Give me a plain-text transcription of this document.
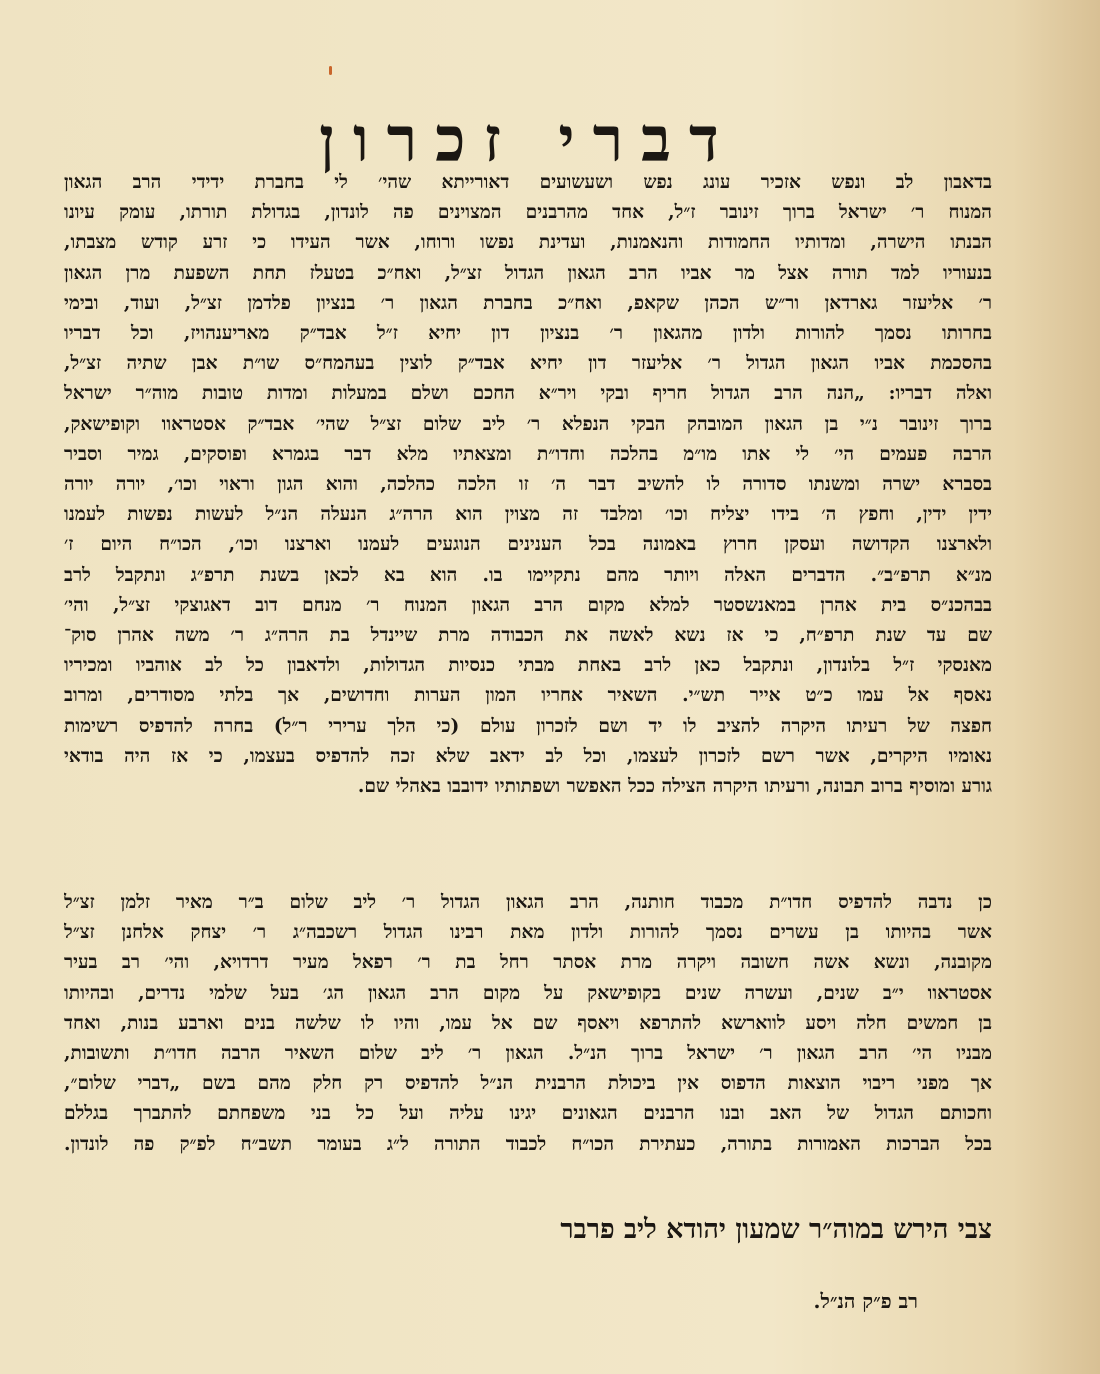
דברי זכרון

בדאבון לב ונפש אזכיר עונג נפש ושעשועים דאורייתא שהי׳ לי בחברת ידידי הרב הגאון
המנוח ר׳ ישראל ברוך זינובר ז״ל, אחד מהרבנים המצוינים פה לונדון, בגדולת תורתו, עומק עיונו
הבנתו הישרה, ומדותיו החמודות והנאמנות, ועדינת נפשו ורוחו, אשר העידו כי זרע קודש מצבתו,
בנעוריו למד תורה אצל מר אביו הרב הגאון הגדול זצ״ל, ואח״כ בטעלז תחת השפעת מרן הגאון
ר׳ אליעזר גארדאן ור״ש הכהן שקאפ, ואח״כ בחברת הגאון ר׳ בנציון פלדמן זצ״ל, ועוד, ובימי
בחרותו נסמך להורות ולדון מהגאון ר׳ בנציון דון יחיא ז״ל אבד״ק מאריענהויז, וכל דבריו
בהסכמת אביו הגאון הגדול ר׳ אליעזר דון יחיא אבד״ק לוצין בעהמח״ס שו״ת אבן שתיה זצ״ל,
ואלה דבריו: „הנה הרב הגדול חריף ובקי ויר״א החכם ושלם במעלות ומדות טובות מוה״ר ישראל
ברוך זינובר נ״י בן הגאון המובהק הבקי הנפלא ר׳ ליב שלום זצ״ל שהי׳ אבד״ק אסטראוו וקופישאק,
הרבה פעמים הי׳ לי אתו מו״מ בהלכה וחדו״ת ומצאתיו מלא דבר בגמרא ופוסקים, גמיר וסביר
בסברא ישרה ומשנתו סדורה לו להשיב דבר ה׳ זו הלכה כהלכה, והוא הגון וראוי וכו׳, יורה יורה
ידין ידין, וחפץ ה׳ בידו יצליח וכו׳ ומלבד זה מצוין הוא הרה״ג הנעלה הנ״ל לעשות נפשות לעמנו
ולארצנו הקדושה ועסקן חרוץ באמונה בכל הענינים הנוגעים לעמנו וארצנו וכו׳, הכו״ח היום ז׳
מנ״א תרפ״ב״. הדברים האלה ויותר מהם נתקיימו בו. הוא בא לכאן בשנת תרפ״ג ונתקבל לרב
בבהכנ״ס בית אהרן במאנשסטר למלא מקום הרב הגאון המנוח ר׳ מנחם דוב דאגוצקי זצ״ל, והי׳
שם עד שנת תרפ״ח, כי אז נשא לאשה את הכבודה מרת שיינדל בת הרה״ג ר׳ משה אהרן סוק־
מאנסקי ז״ל בלונדון, ונתקבל כאן לרב באחת מבתי כנסיות הגדולות, ולדאבון כל לב אוהביו ומכיריו
נאסף אל עמו כ״ט אייר תש״י. השאיר אחריו המון הערות וחדושים, אך בלתי מסודרים, ומרוב
חפצה של רעיתו היקרה להציב לו יד ושם לזכרון עולם (כי הלך ערירי ר״ל) בחרה להדפיס רשימות
נאומיו היקרים, אשר רשם לזכרון לעצמו, וכל לב ידאב שלא זכה להדפיס בעצמו, כי אז היה בודאי
גורע ומוסיף ברוב תבונה, ורעיתו היקרה הצילה ככל האפשר ושפתותיו ידובבו באהלי שם.

כן נדבה להדפיס חדו״ת מכבוד חותנה, הרב הגאון הגדול ר׳ ליב שלום ב״ר מאיר זלמן זצ״ל
אשר בהיותו בן עשרים נסמך להורות ולדון מאת רבינו הגדול רשכבה״ג ר׳ יצחק אלחנן זצ״ל
מקובנה, ונשא אשה חשובה ויקרה מרת אסתר רחל בת ר׳ רפאל מעיר דרדויא, והי׳ רב בעיר
אסטראוו י״ב שנים, ועשרה שנים בקופישאק על מקום הרב הגאון הג׳ בעל שלמי נדרים, ובהיותו
בן חמשים חלה ויסע לווארשא להתרפא ויאסף שם אל עמו, והיו לו שלשה בנים וארבע בנות, ואחד
מבניו הי׳ הרב הגאון ר׳ ישראל ברוך הנ״ל. הגאון ר׳ ליב שלום השאיר הרבה חדו״ת ותשובות,
אך מפני ריבוי הוצאות הדפוס אין ביכולת הרבנית הנ״ל להדפיס רק חלק מהם בשם „דברי שלום״,
וחכותם הגדול של האב ובנו הרבנים הגאונים יגינו עליה ועל כל בני משפחתם להתברך בגללם
בכל הברכות האמורות בתורה, כעתירת הכו״ח לכבוד התורה ל״ג בעומר תשב״ח לפ״ק פה לונדון.

צבי הירש במוה״ר שמעון יהודא ליב פרבר
רב פ״ק הנ״ל.
